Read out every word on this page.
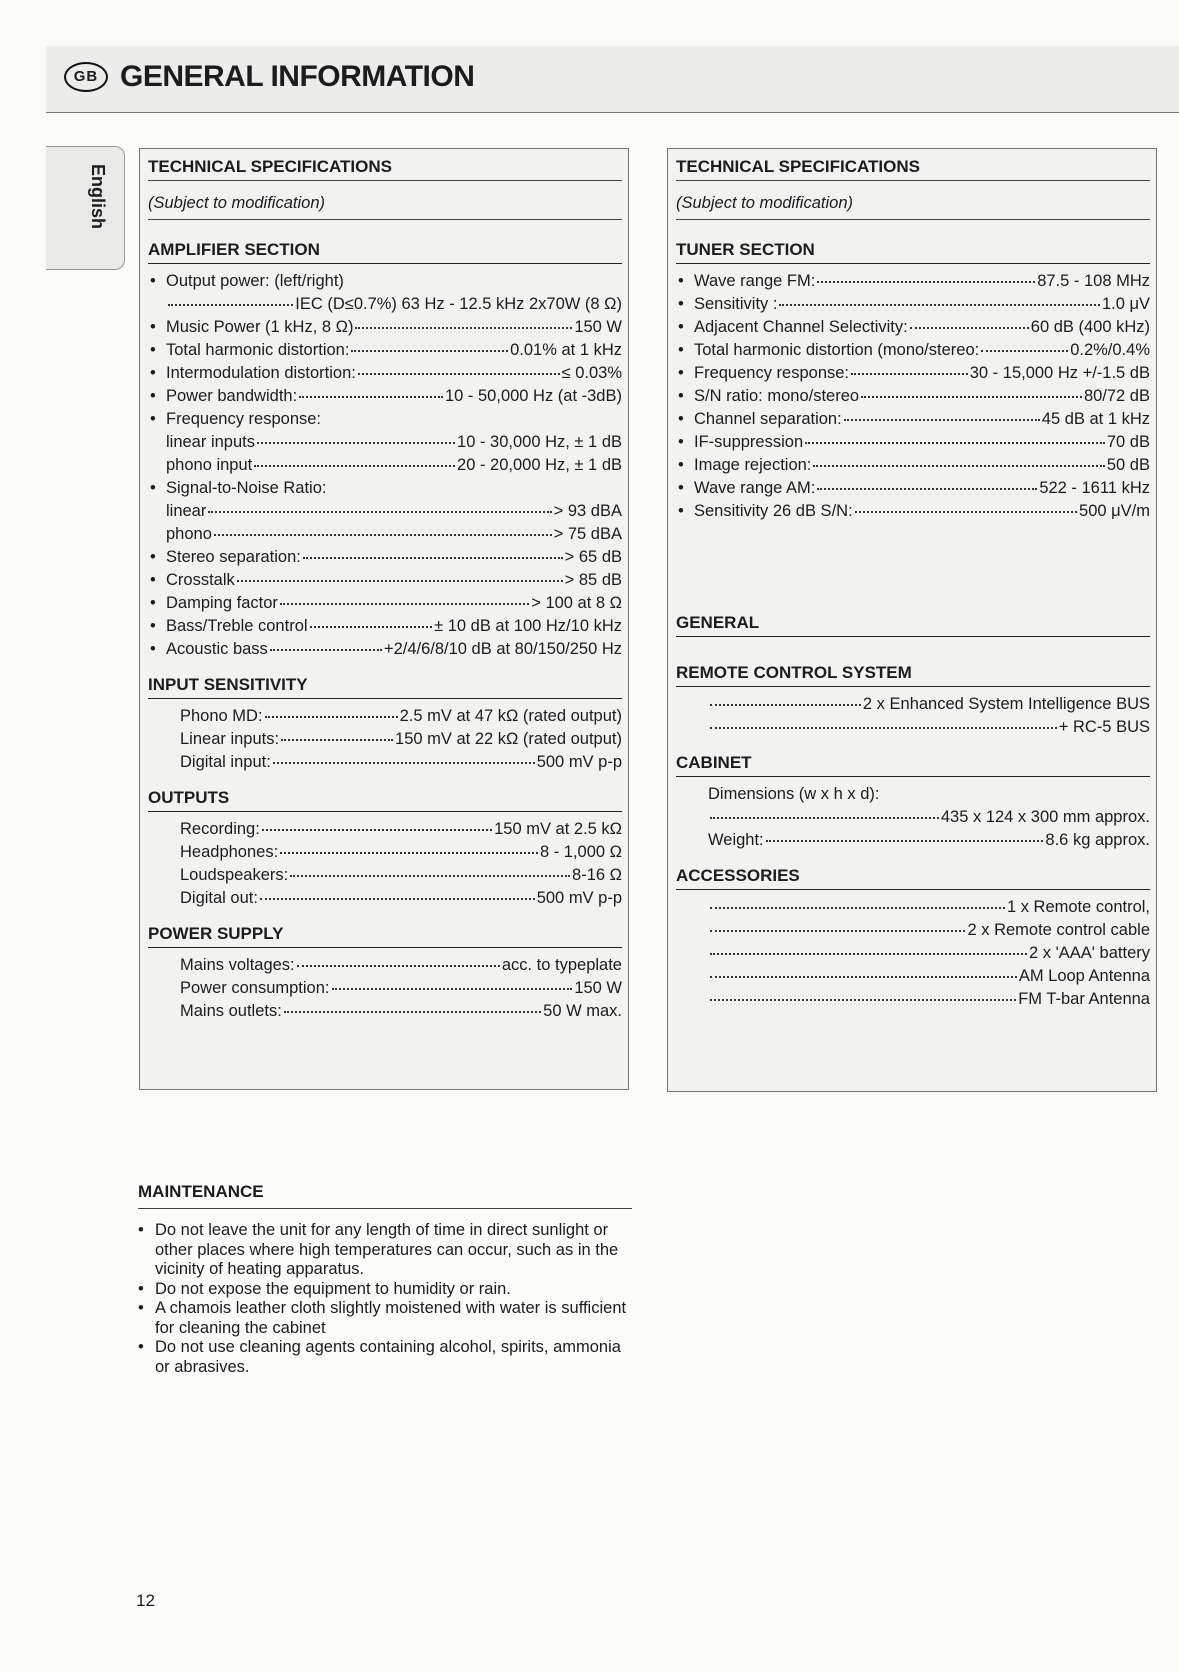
GB GENERAL INFORMATION
English TECHNICAL SPECIFICATIONS
(Subject to modification)
AMPLIFIER SECTION
• Output power: (left/right)
IEC (D≤0.7%) 63 Hz - 12.5 kHz 2x70W (8 Ω)
• Music Power (1 kHz, 8 Ω)	150 W
• Total harmonic distortion:	0.01% at 1 kHz
• Intermodulation distortion:	≤ 0.03%
• Power bandwidth:	10 - 50,000 Hz (at -3dB)
• Frequency response:
linear inputs	10 - 30,000 Hz, ± 1 dB
phono input	20 - 20,000 Hz, ± 1 dB
• Signal-to-Noise Ratio:
linear	> 93 dBA
phono	> 75 dBA
• Stereo separation:	> 65 dB
• Crosstalk	> 85 dB
• Damping factor	> 100 at 8 Ω
• Bass/Treble control	± 10 dB at 100 Hz/10 kHz
• Acoustic bass	+2/4/6/8/10 dB at 80/150/250 Hz
INPUT SENSITIVITY
Phono MD:	2.5 mV at 47 kΩ (rated output)
Linear inputs:	150 mV at 22 kΩ (rated output)
Digital input:	500 mV p-p
OUTPUTS
Recording:	150 mV at 2.5 kΩ
Headphones:	8 - 1,000 Ω
Loudspeakers:	8-16 Ω
Digital out:	500 mV p-p
POWER SUPPLY
Mains voltages:	acc. to typeplate
Power consumption:	150 W
Mains outlets:	50 W max.
TECHNICAL SPECIFICATIONS
(Subject to modification)
TUNER SECTION
• Wave range FM:	87.5 - 108 MHz
• Sensitivity :	1.0 μV
• Adjacent Channel Selectivity:	60 dB (400 kHz)
• Total harmonic distortion (mono/stereo:	0.2%/0.4%
• Frequency response:	30 - 15,000 Hz +/-1.5 dB
• S/N ratio: mono/stereo	80/72 dB
• Channel separation:	45 dB at 1 kHz
• IF-suppression	70 dB
• Image rejection:	50 dB
• Wave range AM:	522 - 1611 kHz
• Sensitivity 26 dB S/N:	500 μV/m
GENERAL
REMOTE CONTROL SYSTEM
2 x Enhanced System Intelligence BUS
+ RC-5 BUS
CABINET
Dimensions (w x h x d):
435 x 124 x 300 mm approx.
Weight:	8.6 kg approx.
ACCESSORIES
1 x Remote control,
2 x Remote control cable
2 x 'AAA' battery
AM Loop Antenna
FM T-bar Antenna
MAINTENANCE
• Do not leave the unit for any length of time in direct sunlight or other places where high temperatures can occur, such as in the vicinity of heating apparatus.
• Do not expose the equipment to humidity or rain.
• A chamois leather cloth slightly moistened with water is sufficient for cleaning the cabinet
• Do not use cleaning agents containing alcohol, spirits, ammonia or abrasives.
12
